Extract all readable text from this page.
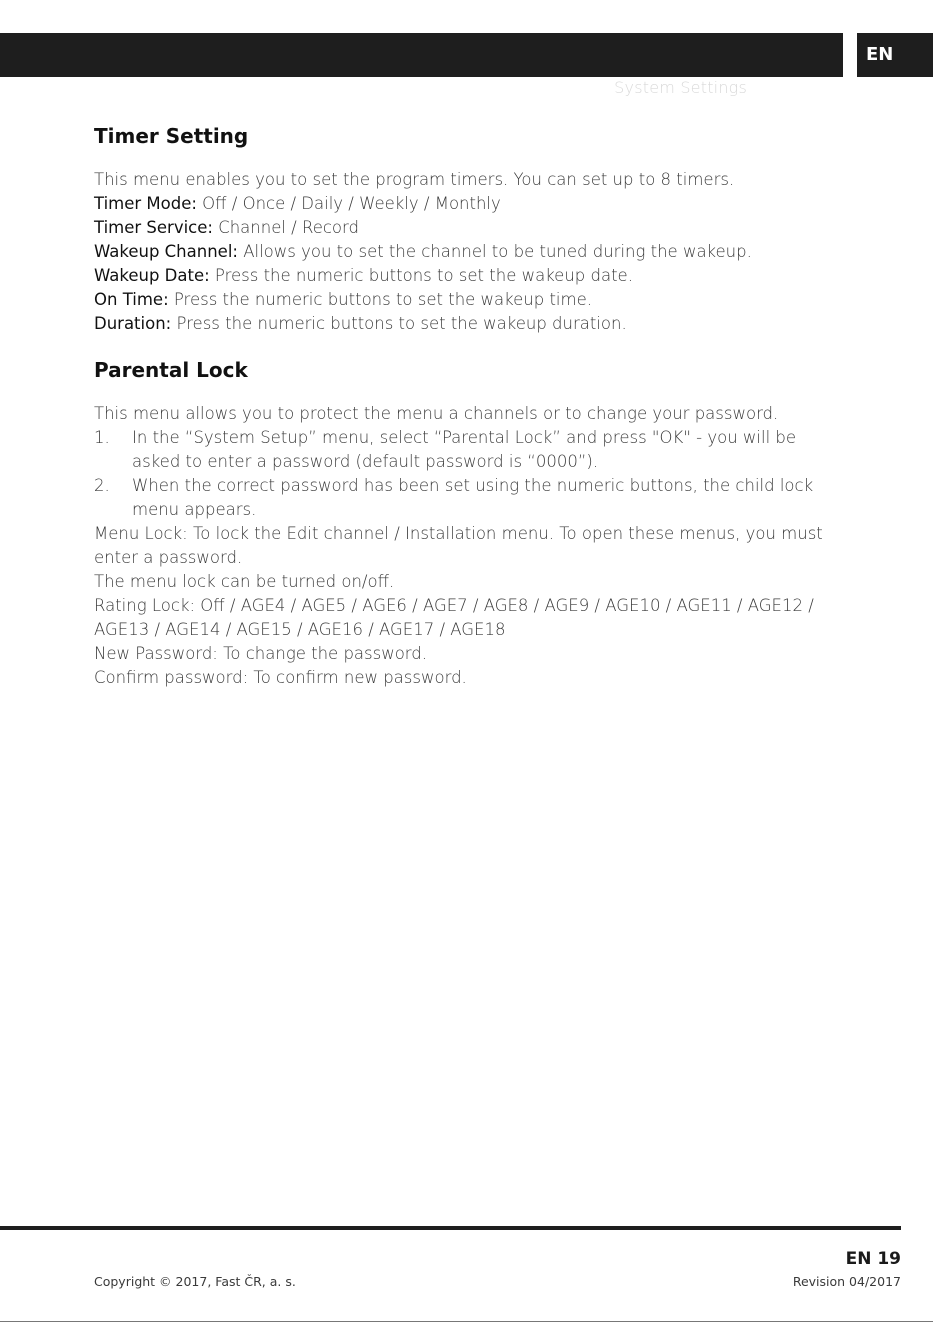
System Settings
EN
Timer Setting
This menu enables you to set the program timers. You can set up to 8 timers.
Timer Mode: Off / Once / Daily / Weekly / Monthly
Timer Service: Channel / Record
Wakeup Channel: Allows you to set the channel to be tuned during the wakeup.
Wakeup Date: Press the numeric buttons to set the wakeup date.
On Time: Press the numeric buttons to set the wakeup time.
Duration: Press the numeric buttons to set the wakeup duration.
Parental Lock
This menu allows you to protect the menu a channels or to change your password.
1. In the “System Setup” menu, select “Parental Lock” and press "OK" - you will be asked to enter a password (default password is “0000”).
2. When the correct password has been set using the numeric buttons, the child lock menu appears.
Menu Lock: To lock the Edit channel / Installation menu. To open these menus, you must enter a password.
The menu lock can be turned on/off.
Rating Lock: Off / AGE4 / AGE5 / AGE6 / AGE7 / AGE8 / AGE9 / AGE10 / AGE11 / AGE12 / AGE13 / AGE14 / AGE15 / AGE16 / AGE17 / AGE18
New Password: To change the password.
Confirm password: To confirm new password.
EN 19
Copyright © 2017, Fast ČR, a. s.	Revision 04/2017
